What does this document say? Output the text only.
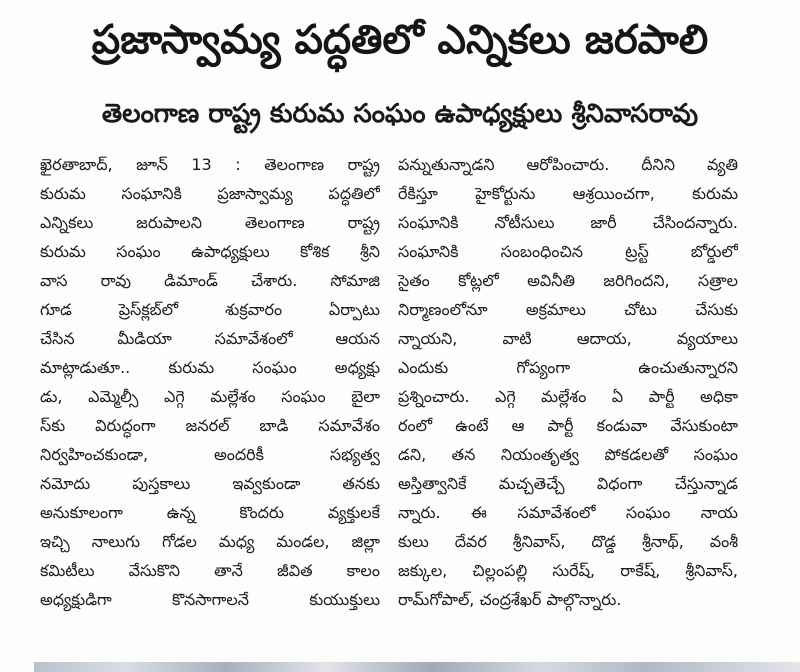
ప్రజాస్వామ్య పద్ధతిలో ఎన్నికలు జరపాలి
తెలంగాణ రాష్ట్ర కురుమ సంఘం ఉపాధ్యక్షులు శ్రీనివాసరావు
ఖైరతాబాద్, జూన్ 13 : తెలంగాణ రాష్ట్ర
కురుమ సంఘానికి ప్రజాస్వామ్య పద్ధతిలో
ఎన్నికలు జరుపాలని తెలంగాణ రాష్ట్ర
కురుమ సంఘం ఉపాధ్యక్షులు కోశిక శ్రీని
వాస రావు డిమాండ్ చేశారు. సోమాజి
గూడ ప్రెస్‌క్లబ్‌లో శుక్రవారం ఏర్పాటు
చేసిన మీడియా సమావేశంలో ఆయన
మాట్లాడుతూ.. కురుమ సంఘం అధ్యక్షు
డు, ఎమ్మెల్సీ ఎగ్గె మల్లేశం సంఘం బైలా
స్‌కు విరుద్ధంగా జనరల్ బాడి సమావేశం
నిర్వహించకుండా, అందరికీ సభ్యత్వ
నమోదు పుస్తకాలు ఇవ్వకుండా తనకు
అనుకూలంగా ఉన్న కొందరు వ్యక్తులకే
ఇచ్చి నాలుగు గోడల మధ్య మండల, జిల్లా
కమిటీలు వేసుకొని తానే జీవిత కాలం
అధ్యక్షుడిగా కొనసాగాలనే కుయుక్తులు
పన్నుతున్నాడని ఆరోపించారు. దీనిని వ్యతి
రేకిస్తూ హైకోర్టును ఆశ్రయించగా, కురుమ
సంఘానికి నోటీసులు జారీ చేసిందన్నారు.
సంఘానికి సంబంధించిన ట్రస్ట్ బోర్డులో
సైతం కోట్లలో అవినీతి జరిగిందని, సత్రాల
నిర్మాణంలోనూ అక్రమాలు చోటు చేసుకు
న్నాయని, వాటి ఆదాయ, వ్యయాలు
ఎందుకు గోప్యంగా ఉంచుతున్నారని
ప్రశ్నించారు. ఎగ్గె మల్లేశం ఏ పార్టీ అధికా
రంలో ఉంటే ఆ పార్టీ కండువా వేసుకుంటా
డని, తన నియంతృత్వ పోకడలతో సంఘం
అస్తిత్వానికే మచ్చతెచ్చే విధంగా చేస్తున్నాడ
న్నారు. ఈ సమావేశంలో సంఘం నాయ
కులు దేవర శ్రీనివాస్, దొడ్డ శ్రీనాథ్, వంశీ
జక్కుల, చిల్లంపల్లి సురేష్, రాకేష్, శ్రీనివాస్,
రామ్‌గోపాల్, చంద్రశేఖర్ పాల్గొన్నారు.
